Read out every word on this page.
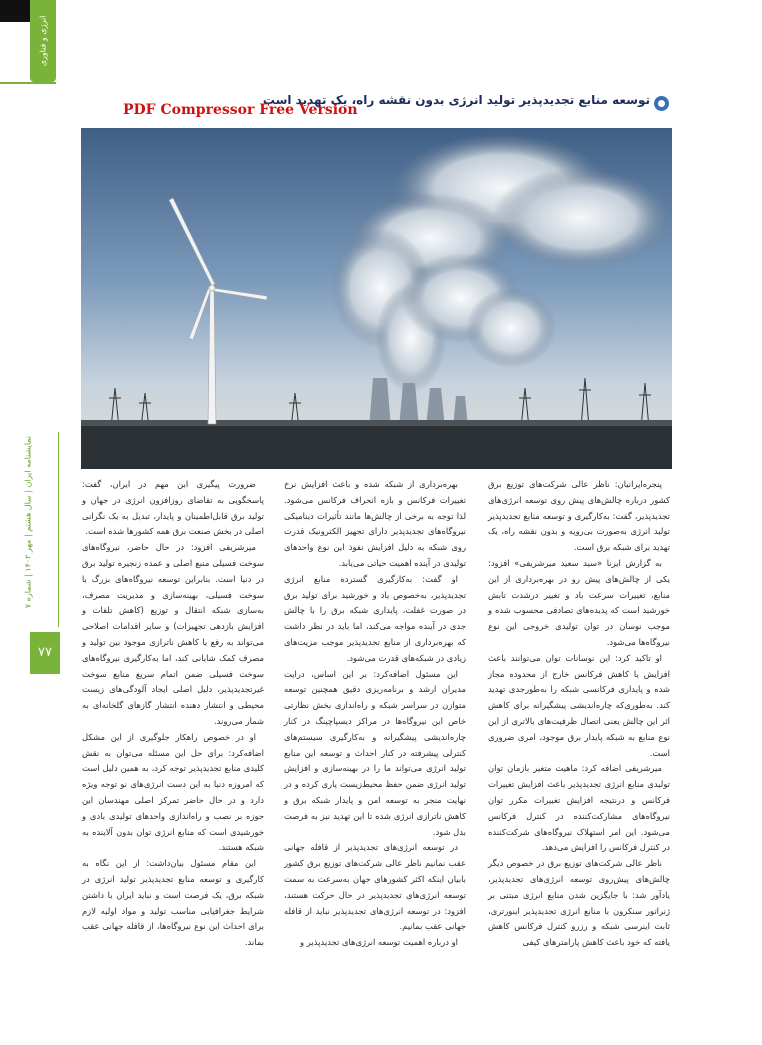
انرژی و فناوری
نمایشنامه ایران | سال هشتم | مهر ۱۴۰۲ | شماره ۷
۷۷
توسعه منابع تجدیدپذیر تولید انرژی بدون نقشه راه، یک تهدید است
PDF Compressor Free Version

پنجره‌ایرانیان: ناظر عالی شرکت‌های توزیع برق کشور درباره چالش‌های پیش روی توسعه انرژی‌های تجدیدپذیر، گفت: به‌کارگیری و توسعه منابع تجدیدپذیر تولید انرژی به‌صورت بی‌رویه و بدون نقشه راه، یک تهدید برای شبکه برق است.

به گزارش ایرنا «سید سعید میرشریفی» افزود: یکی از چالش‌های پیش رو در بهره‌برداری از این منابع، تغییرات سرعت باد و تغییر درشدت تابش خورشید است که پدیده‌های تصادفی محسوب شده و موجب نوسان در توان تولیدی خروجی این نوع نیروگاه‌ها می‌شود.

او تاکید کرد: این نوسانات توان می‌توانند باعث افزایش یا کاهش فرکانس خارج از محدوده مجاز شده و پایداری فرکانسی شبکه را به‌طورجدی تهدید کند. به‌طوری‌که چاره‌اندیشی پیشگیرانه برای کاهش اثر این چالش یعنی اتصال ظرفیت‌های بالاتری از این نوع منابع به شبکه پایدار برق موجود، امری ضروری است.

میرشریفی اضافه کرد: ماهیت متغیر بازمان توان تولیدی منابع انرژی تجدیدپذیر باعث افزایش تغییرات فرکانس و درنتیجه افزایش تغییرات مکرر توان نیروگاه‌های مشارکت‌کننده در کنترل فرکانس می‌شود. این امر استهلاک نیروگاه‌های شرکت‌کننده در کنترل فرکانس را افزایش می‌دهد.

ناظر عالی شرکت‌های توزیع برق در خصوص دیگر چالش‌های پیش‌روی توسعه انرژی‌های تجدیدپذیر، یادآور شد: با جایگزین شدن منابع انرژی مبتنی بر ژنراتور سنکرون با منابع انرژی تجدیدپذیر اینورتری، ثابت اینرسی شبکه و رزرو کنترل فرکانس کاهش یافته که خود باعث کاهش پارامترهای کیفی

بهره‌برداری از شبکه شده و باعث افزایش نرخ تغییرات فرکانس و بازه انحراف فرکانس می‌شود. لذا توجه به برخی از چالش‌ها مانند تأثیرات دینامیکی نیروگاه‌های تجدیدپذیر دارای تجهیز الکترونیک قدرت روی شبکه به دلیل افزایش نفوذ این نوع واحدهای تولیدی در آینده اهمیت حیاتی می‌یابد.

او گفت: به‌کارگیری گسترده منابع انرژی تجدیدپذیر، به‌خصوص باد و خورشید برای تولید برق در صورت غفلت، پایداری شبکه برق را با چالش جدی در آینده مواجه می‌کند، اما باید در نظر داشت که بهره‌برداری از منابع تجدیدپذیر موجب مزیت‌های زیادی در شبکه‌های قدرت می‌شود.

این مسئول اضافه‌کرد: بر این اساس، درایت مدیران ارشد و برنامه‌ریزی دقیق همچنین توسعه متوازن در سراسر شبکه و راه‌اندازی بخش نظارتی خاص این نیروگاه‌ها در مراکز دیسپاچینگ در کنار چاره‌اندیشی پیشگیرانه و به‌کارگیری سیستم‌های کنترلی پیشرفته در کنار احداث و توسعه این منابع تولید انرژی می‌تواند ما را در بهینه‌سازی و افزایش تولید انرژی ضمن حفظ محیط‌زیست یاری کرده و در نهایت منجر به توسعه امن و پایدار شبکه برق و کاهش ناترازی انرژی شده تا این تهدید نیز به فرصت بدل شود.

در توسعه انرژی‌های تجدیدپذیر از قافله جهانی عقب نمانیم ناظر عالی شرکت‌های توزیع برق کشور بابیان اینکه اکثر کشورهای جهان به‌سرعت به سمت توسعه انرژی‌های تجدیدپذیر در حال حرکت هستند، افزود: در توسعه انرژی‌های تجدیدپذیر نباید از قافله جهانی عقب بمانیم.

او درباره اهمیت توسعه انرژی‌های تجدیدپذیر و

ضرورت پیگیری این مهم در ایران، گفت: پاسخگویی به تقاضای روزافزون انرژی در جهان و تولید برق قابل‌اطمینان و پایدار، تبدیل به یک نگرانی اصلی در بخش صنعت برق همه کشورها شده است.

میرشریفی افزود: در حال حاضر، نیروگاه‌های سوخت فسیلی منبع اصلی و عمده زنجیره تولید برق در دنیا است. بنابراین توسعه نیروگاه‌های بزرگ با سوخت فسیلی، بهینه‌سازی و مدیریت مصرف، به‌سازی شبکه انتقال و توزیع (کاهش تلفات و افزایش بازدهی تجهیزات) و سایر اقدامات اصلاحی می‌تواند به رفع یا کاهش ناترازی موجود بین تولید و مصرف کمک شایانی کند، اما به‌کارگیری نیروگاه‌های سوخت فسیلی ضمن اتمام سریع منابع سوخت غیرتجدیدپذیر، دلیل اصلی ایجاد آلودگی‌های زیست محیطی و انتشار دهنده انتشار گازهای گلخانه‌ای به شمار می‌روند.

او در خصوص راهکار جلوگیری از این مشکل اضافه‌کرد: برای حل این مسئله می‌توان به نقش کلیدی منابع تجدیدپذیر توجه کرد، به همین دلیل است که امروزه دنیا به این دست انرژی‌های نو توجه ویژه دارد و در حال حاضر تمرکز اصلی مهندسان این حوزه بر نصب و راه‌اندازی واحدهای تولیدی بادی و خورشیدی است که منابع انرژی توان بدون آلاینده به شبکه هستند.

این مقام مسئول بیان‌داشت: از این نگاه به کارگیری و توسعه منابع تجدیدپذیر تولید انرژی در شبکه برق، یک فرصت است و نباید ایران با داشتن شرایط جغرافیایی مناسب تولید و مواد اولیه لازم برای احداث این نوع نیروگاه‌ها، از قافله جهانی عقب بماند.
